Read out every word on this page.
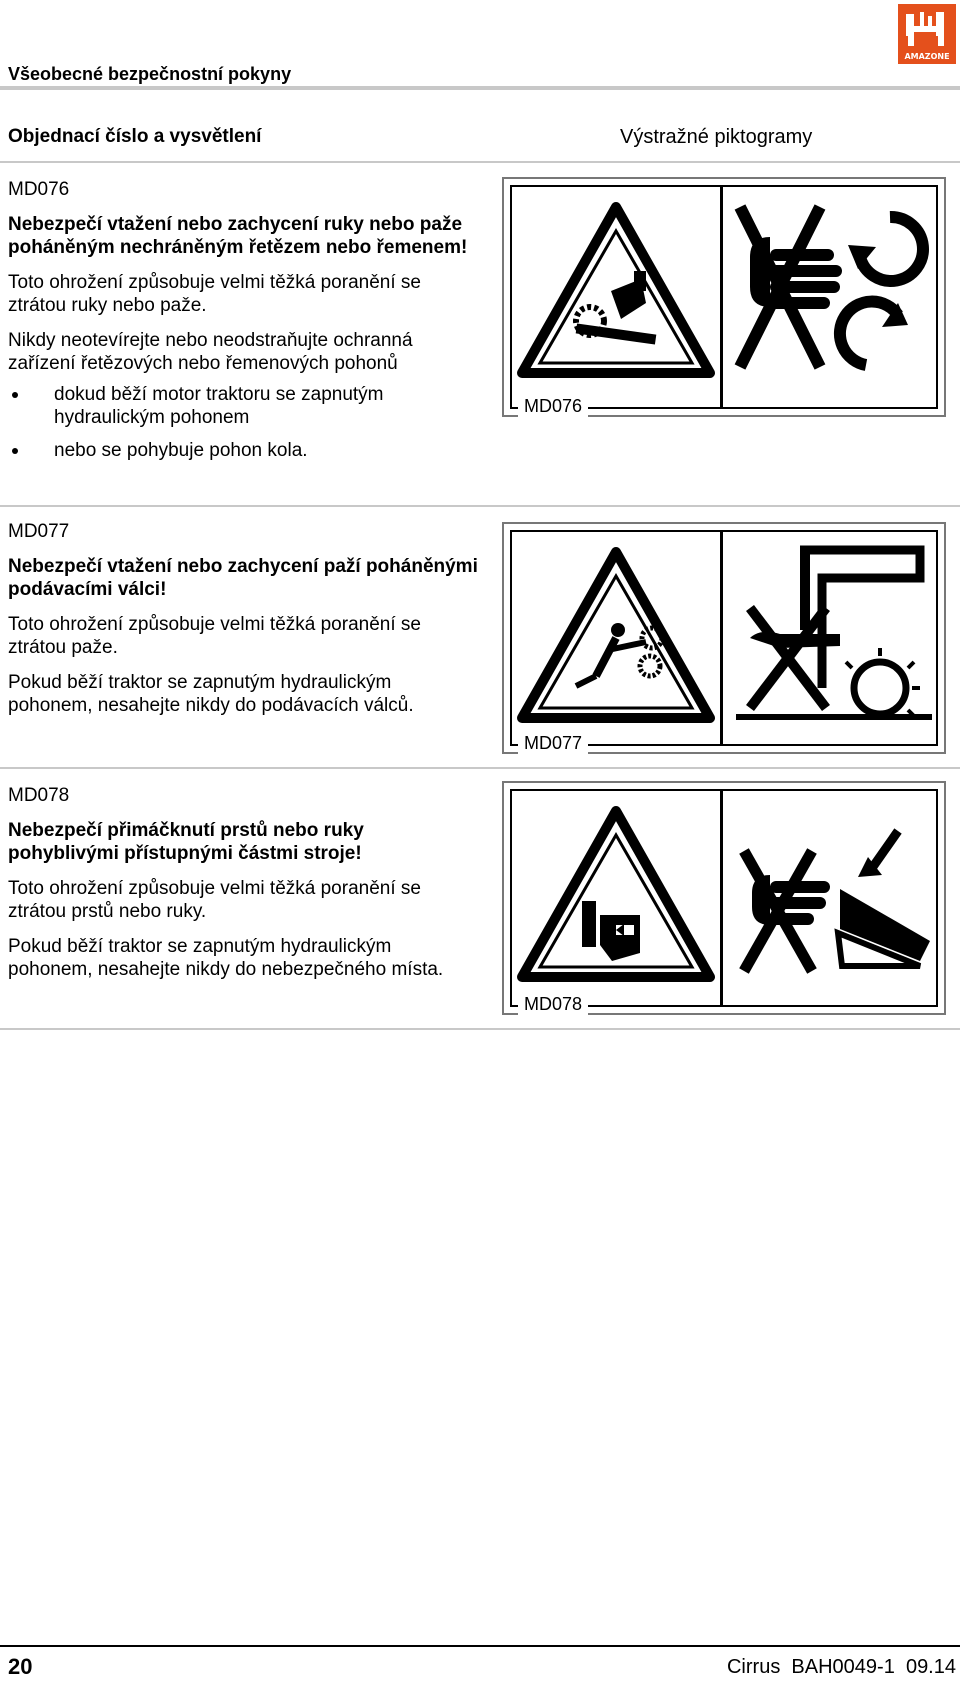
AMAZONE
Všeobecné bezpečnostní pokyny
Objednací číslo a vysvětlení	Výstražné piktogramy

MD076

Nebezpečí vtažení nebo zachycení ruky nebo paže poháněným nechráněným řetězem nebo řemenem!

Toto ohrožení způsobuje velmi těžká poranění se ztrátou ruky nebo paže.

Nikdy neotevírejte nebo neodstraňujte ochranná zařízení řetězových nebo řemenových pohonů

dokud běží motor traktoru se zapnutým hydraulickým pohonem
nebo se pohybuje pohon kola.
MD076

MD077

Nebezpečí vtažení nebo zachycení paží poháněnými podávacími válci!

Toto ohrožení způsobuje velmi těžká poranění se ztrátou paže.

Pokud běží traktor se zapnutým hydraulickým pohonem, nesahejte nikdy do podávacích válců.

MD077

MD078

Nebezpečí přimáčknutí prstů nebo ruky pohyblivými přístupnými částmi stroje!

Toto ohrožení způsobuje velmi těžká poranění se ztrátou prstů nebo ruky.

Pokud běží traktor se zapnutým hydraulickým pohonem, nesahejte nikdy do nebezpečného místa.

MD078
20	Cirrus  BAH0049-1  09.14
